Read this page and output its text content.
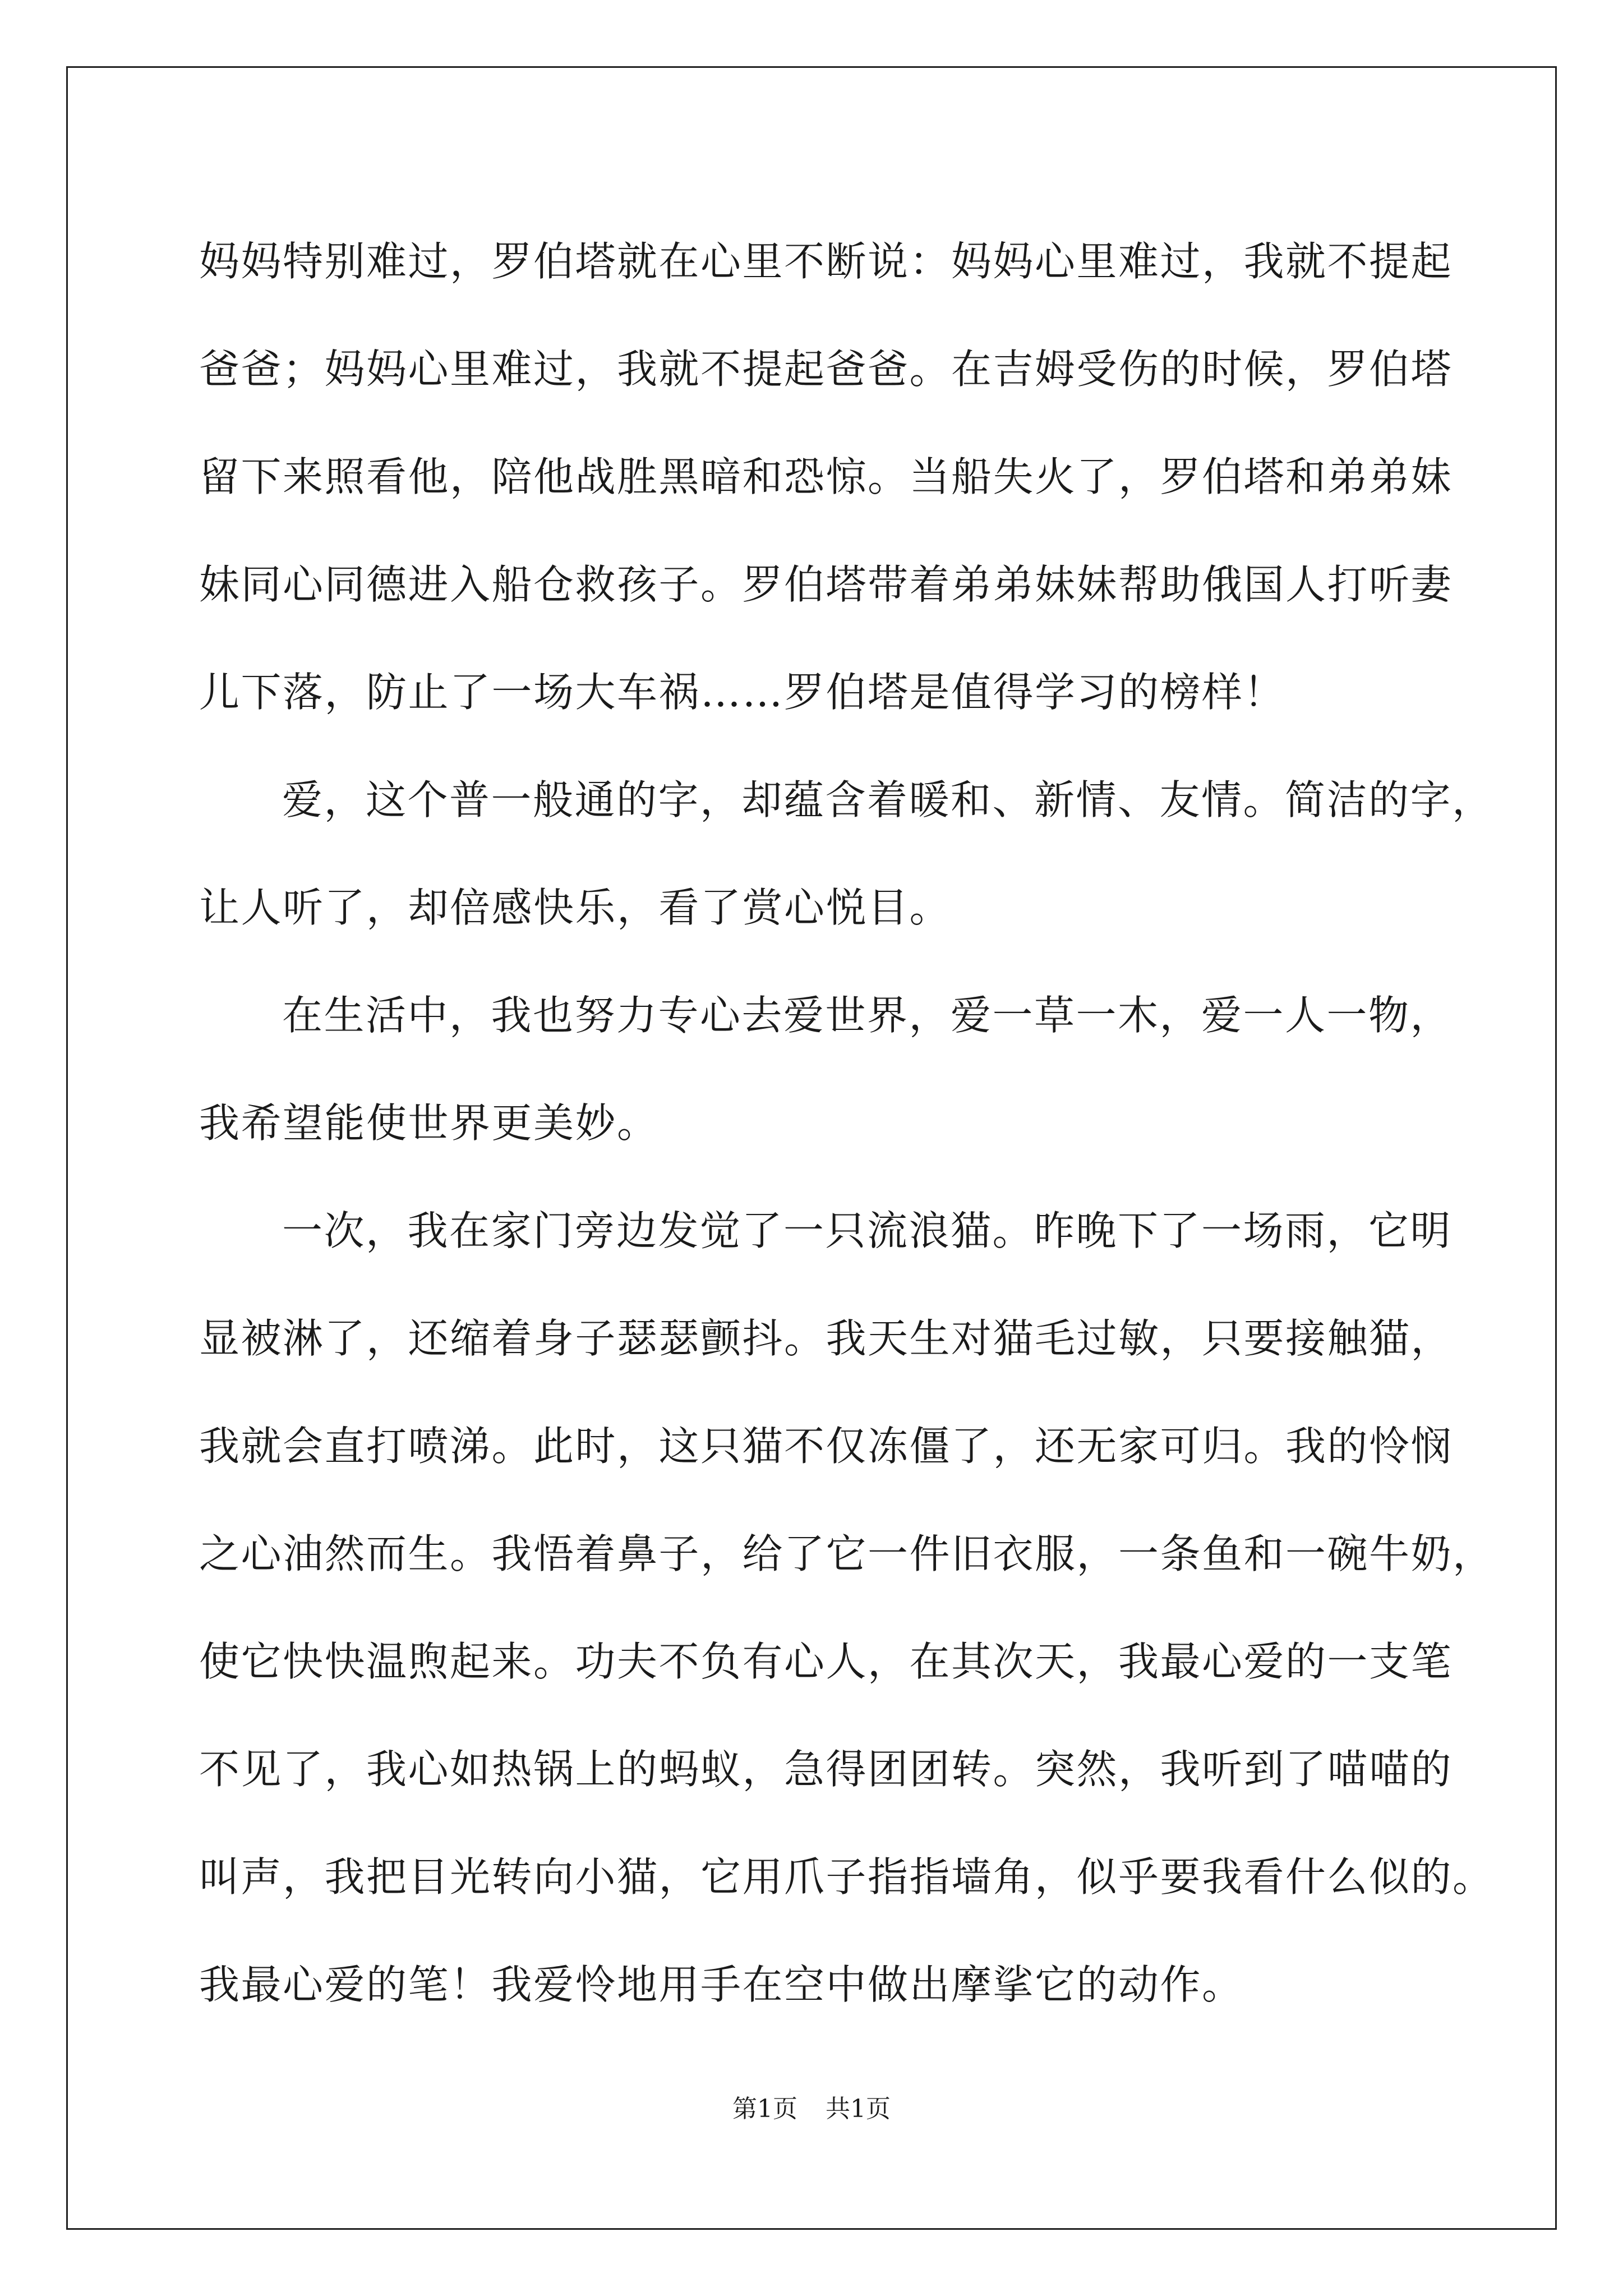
妈妈特别难过，罗伯塔就在心里不断说：妈妈心里难过，我就不提起
爸爸；妈妈心里难过，我就不提起爸爸。在吉姆受伤的时候，罗伯塔
留下来照看他，陪他战胜黑暗和恐惊。当船失火了，罗伯塔和弟弟妹
妹同心同德进入船仓救孩子。罗伯塔带着弟弟妹妹帮助俄国人打听妻
儿下落，防止了一场大车祸……罗伯塔是值得学习的榜样！
爱，这个普一般通的字，却蕴含着暖和、新情、友情。简洁的字，
让人听了，却倍感快乐，看了赏心悦目。
在生活中，我也努力专心去爱世界，爱一草一木，爱一人一物，
我希望能使世界更美妙。
一次，我在家门旁边发觉了一只流浪猫。昨晚下了一场雨，它明
显被淋了，还缩着身子瑟瑟颤抖。我天生对猫毛过敏，只要接触猫，
我就会直打喷涕。此时，这只猫不仅冻僵了，还无家可归。我的怜悯
之心油然而生。我悟着鼻子，给了它一件旧衣服，一条鱼和一碗牛奶，
使它快快温煦起来。功夫不负有心人，在其次天，我最心爱的一支笔
不见了，我心如热锅上的蚂蚁，急得团团转。突然，我听到了喵喵的
叫声，我把目光转向小猫，它用爪子指指墙角，似乎要我看什么似的。
我最心爱的笔！我爱怜地用手在空中做出摩挲它的动作。
第1页 共1页
